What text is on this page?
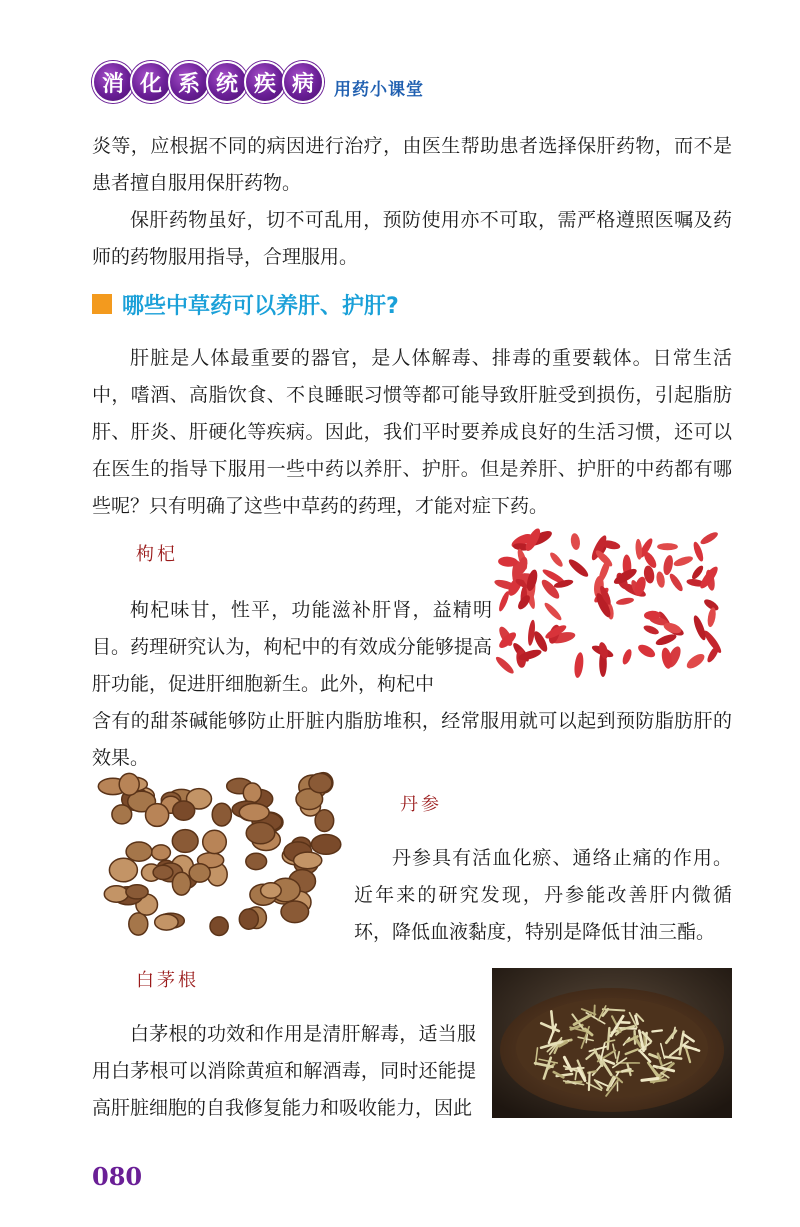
消 化 系 统 疾 病	用药小课堂

炎等，应根据不同的病因进行治疗，由医生帮助患者选择保肝药物，而不是患者擅自服用保肝药物。

保肝药物虽好，切不可乱用，预防使用亦不可取，需严格遵照医嘱及药师的药物服用指导，合理服用。

哪些中草药可以养肝、护肝?

肝脏是人体最重要的器官，是人体解毒、排毒的重要载体。日常生活中，嗜酒、高脂饮食、不良睡眠习惯等都可能导致肝脏受到损伤，引起脂肪肝、肝炎、肝硬化等疾病。因此，我们平时要养成良好的生活习惯，还可以在医生的指导下服用一些中药以养肝、护肝。但是养肝、护肝的中药都有哪些呢？只有明确了这些中草药的药理，才能对症下药。

枸杞

枸杞味甘，性平，功能滋补肝肾，益精明目。药理研究认为，枸杞中的有效成分能够提高肝功能，促进肝细胞新生。此外，枸杞中

含有的甜茶碱能够防止肝脏内脂肪堆积，经常服用就可以起到预防脂肪肝的效果。

丹参

丹参具有活血化瘀、通络止痛的作用。近年来的研究发现，丹参能改善肝内微循环，降低血液黏度，特别是降低甘油三酯。

白茅根

白茅根的功效和作用是清肝解毒，适当服用白茅根可以消除黄疸和解酒毒，同时还能提高肝脏细胞的自我修复能力和吸收能力，因此

080
